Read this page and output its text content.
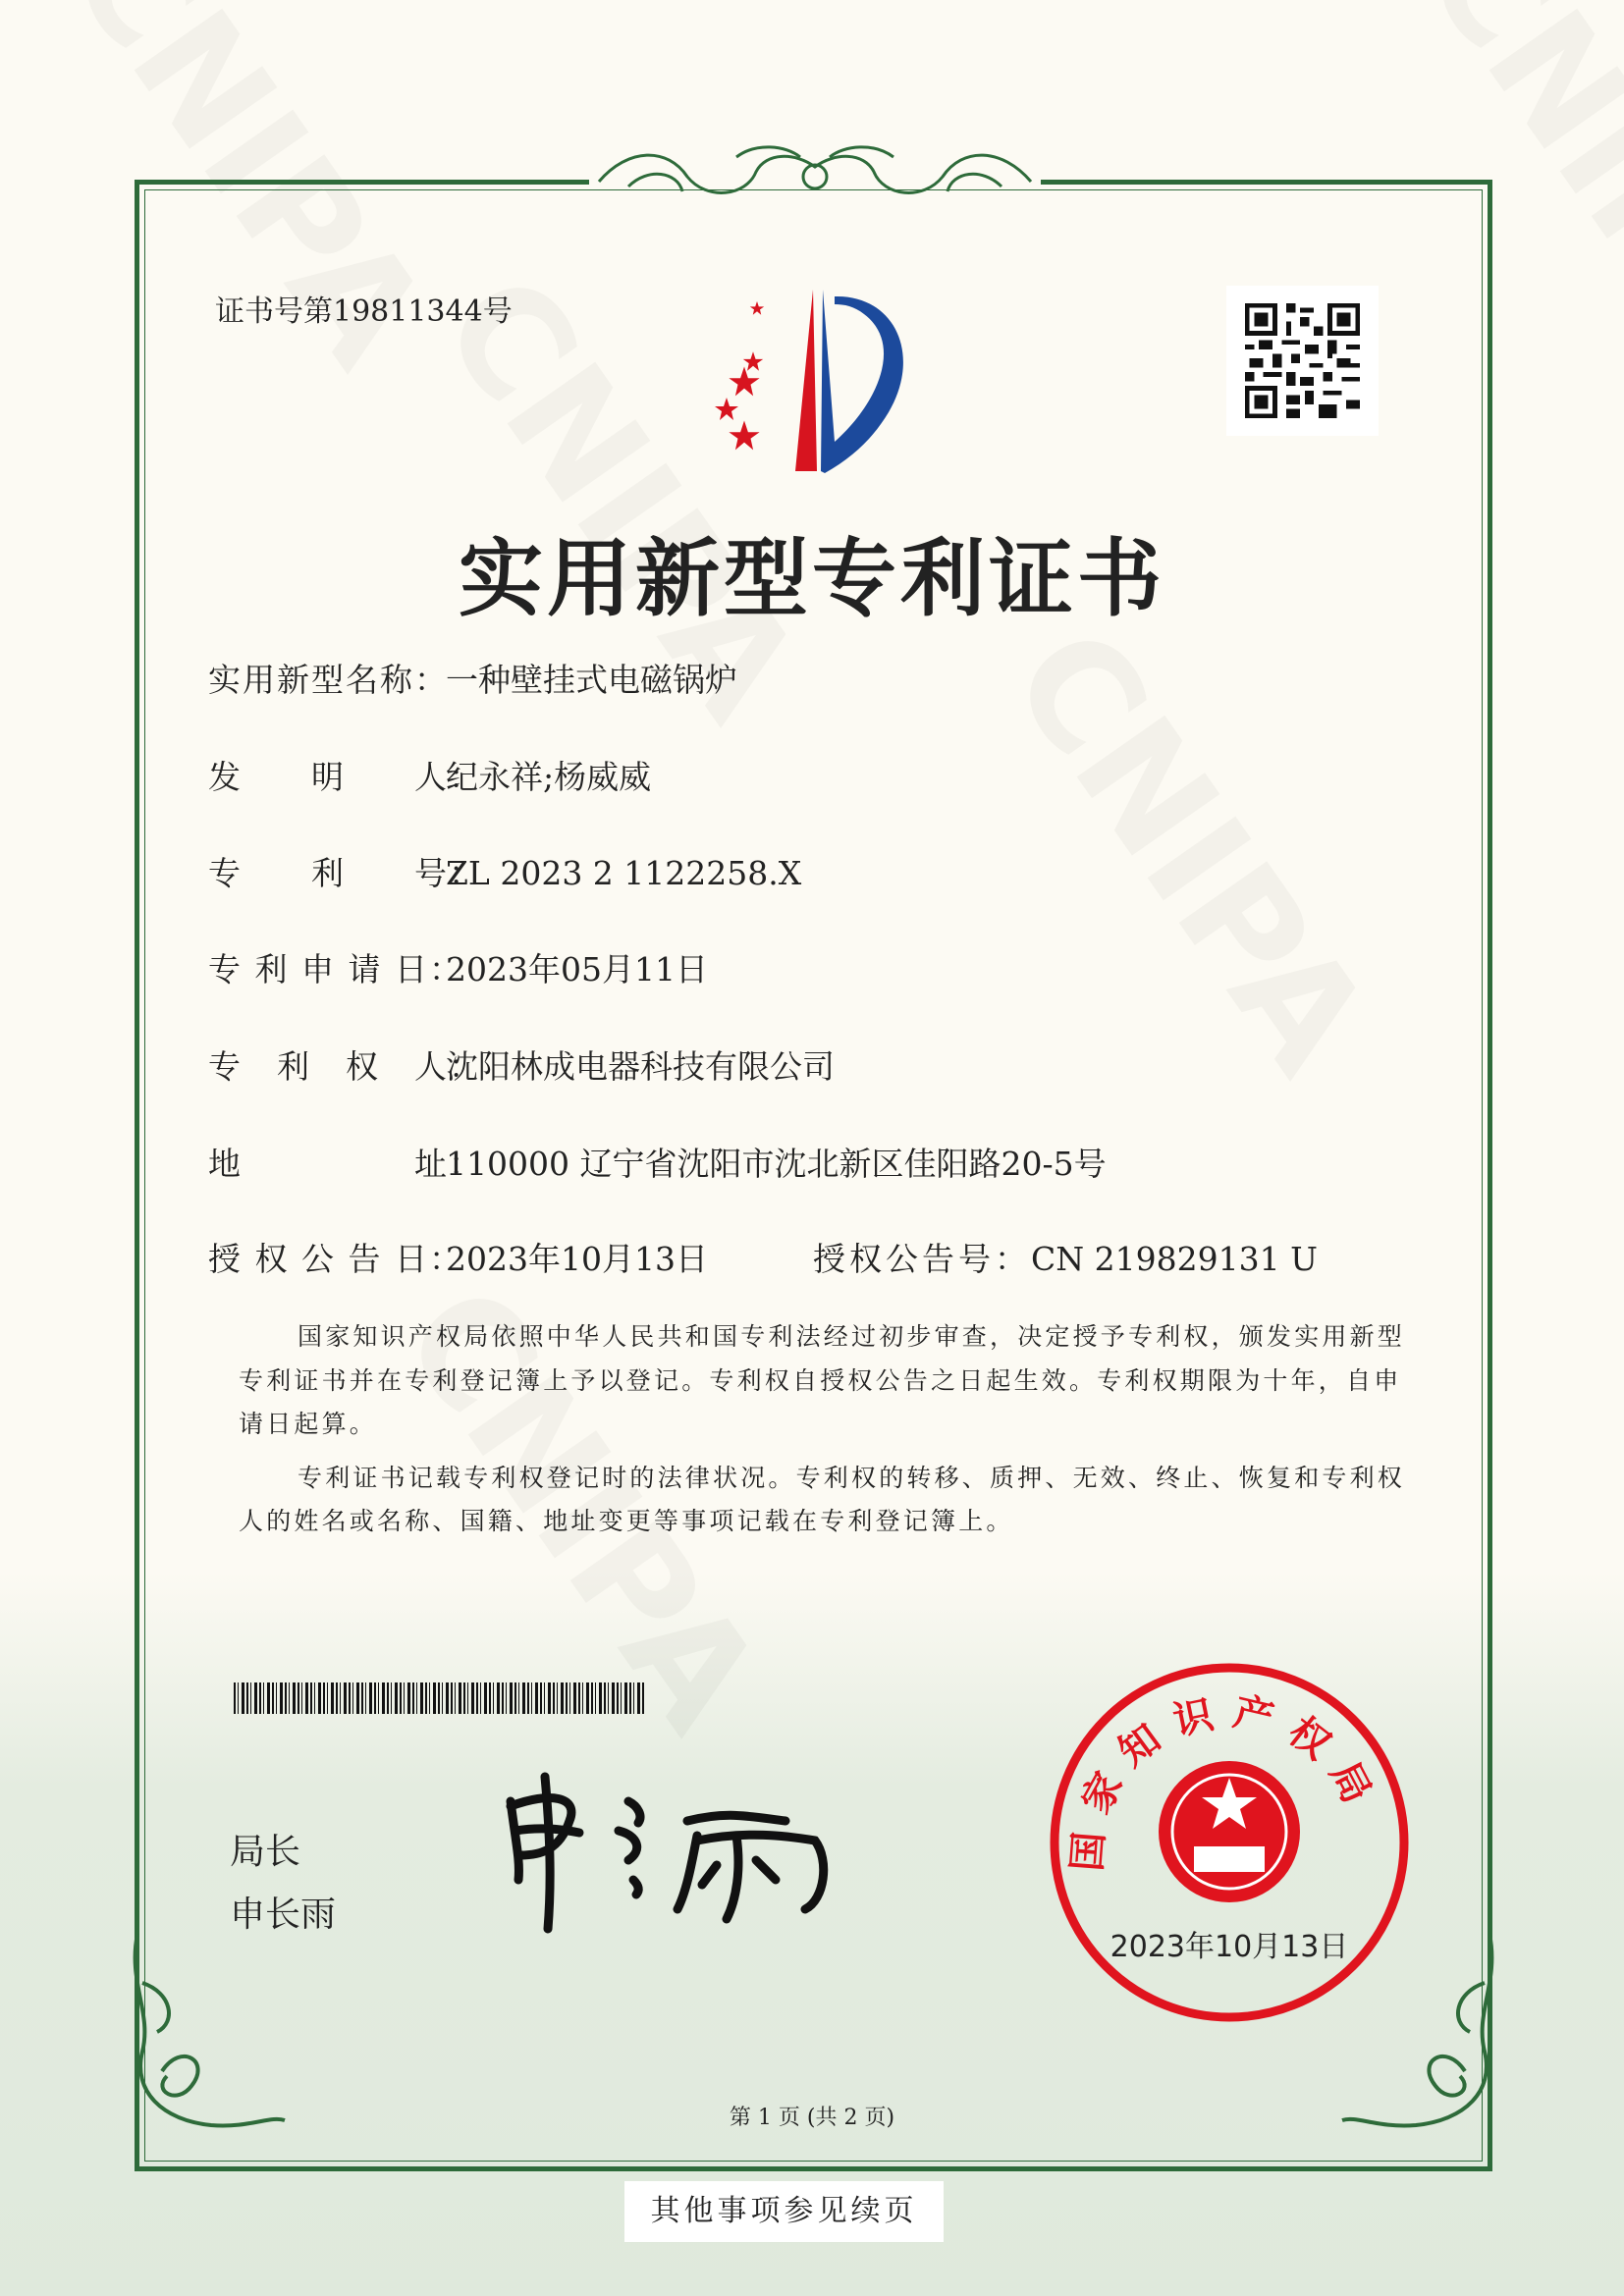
证书号第19811344号
实用新型专利证书
实用新型名称：一种壁挂式电磁锅炉
发　　明　　人：纪永祥;杨威威
专　　利　　号：ZL 2023 2 1122258.X
专 利 申 请 日：2023年05月11日
专　利　权　人：沈阳林成电器科技有限公司
地　　　　　址：110000 辽宁省沈阳市沈北新区佳阳路20-5号
授 权 公 告 日：2023年10月13日	授权公告号：CN 219829131 U

国家知识产权局依照中华人民共和国专利法经过初步审查，决定授予专利权，颁发实用新型专利证书并在专利登记簿上予以登记。专利权自授权公告之日起生效。专利权期限为十年，自申请日起算。

专利证书记载专利权登记时的法律状况。专利权的转移、质押、无效、终止、恢复和专利权人的姓名或名称、国籍、地址变更等事项记载在专利登记簿上。

局长
申长雨
国家知识产权局
2023年10月13日
第 1 页 (共 2 页)
其他事项参见续页
